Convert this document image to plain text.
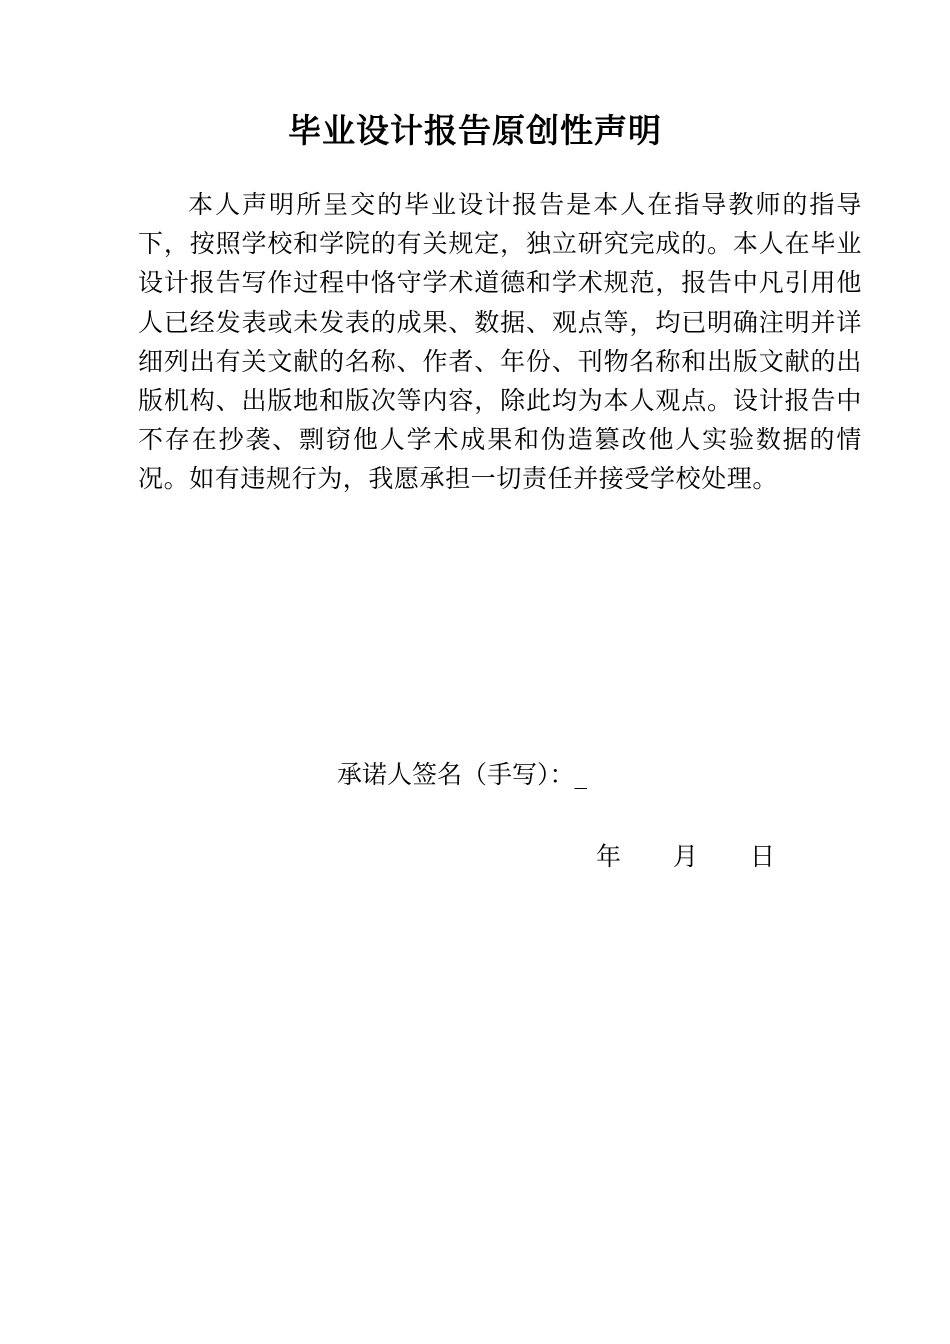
毕业设计报告原创性声明

本人声明所呈交的毕业设计报告是本人在指导教师的指导下，按照学校和学院的有关规定，独立研究完成的。本人在毕业设计报告写作过程中恪守学术道德和学术规范，报告中凡引用他人已经发表或未发表的成果、数据、观点等，均已明确注明并详细列出有关文献的名称、作者、年份、刊物名称和出版文献的出版机构、出版地和版次等内容，除此均为本人观点。设计报告中不存在抄袭、剽窃他人学术成果和伪造篡改他人实验数据的情况。如有违规行为，我愿承担一切责任并接受学校处理。

承诺人签名（手写）：_
年 月 日
